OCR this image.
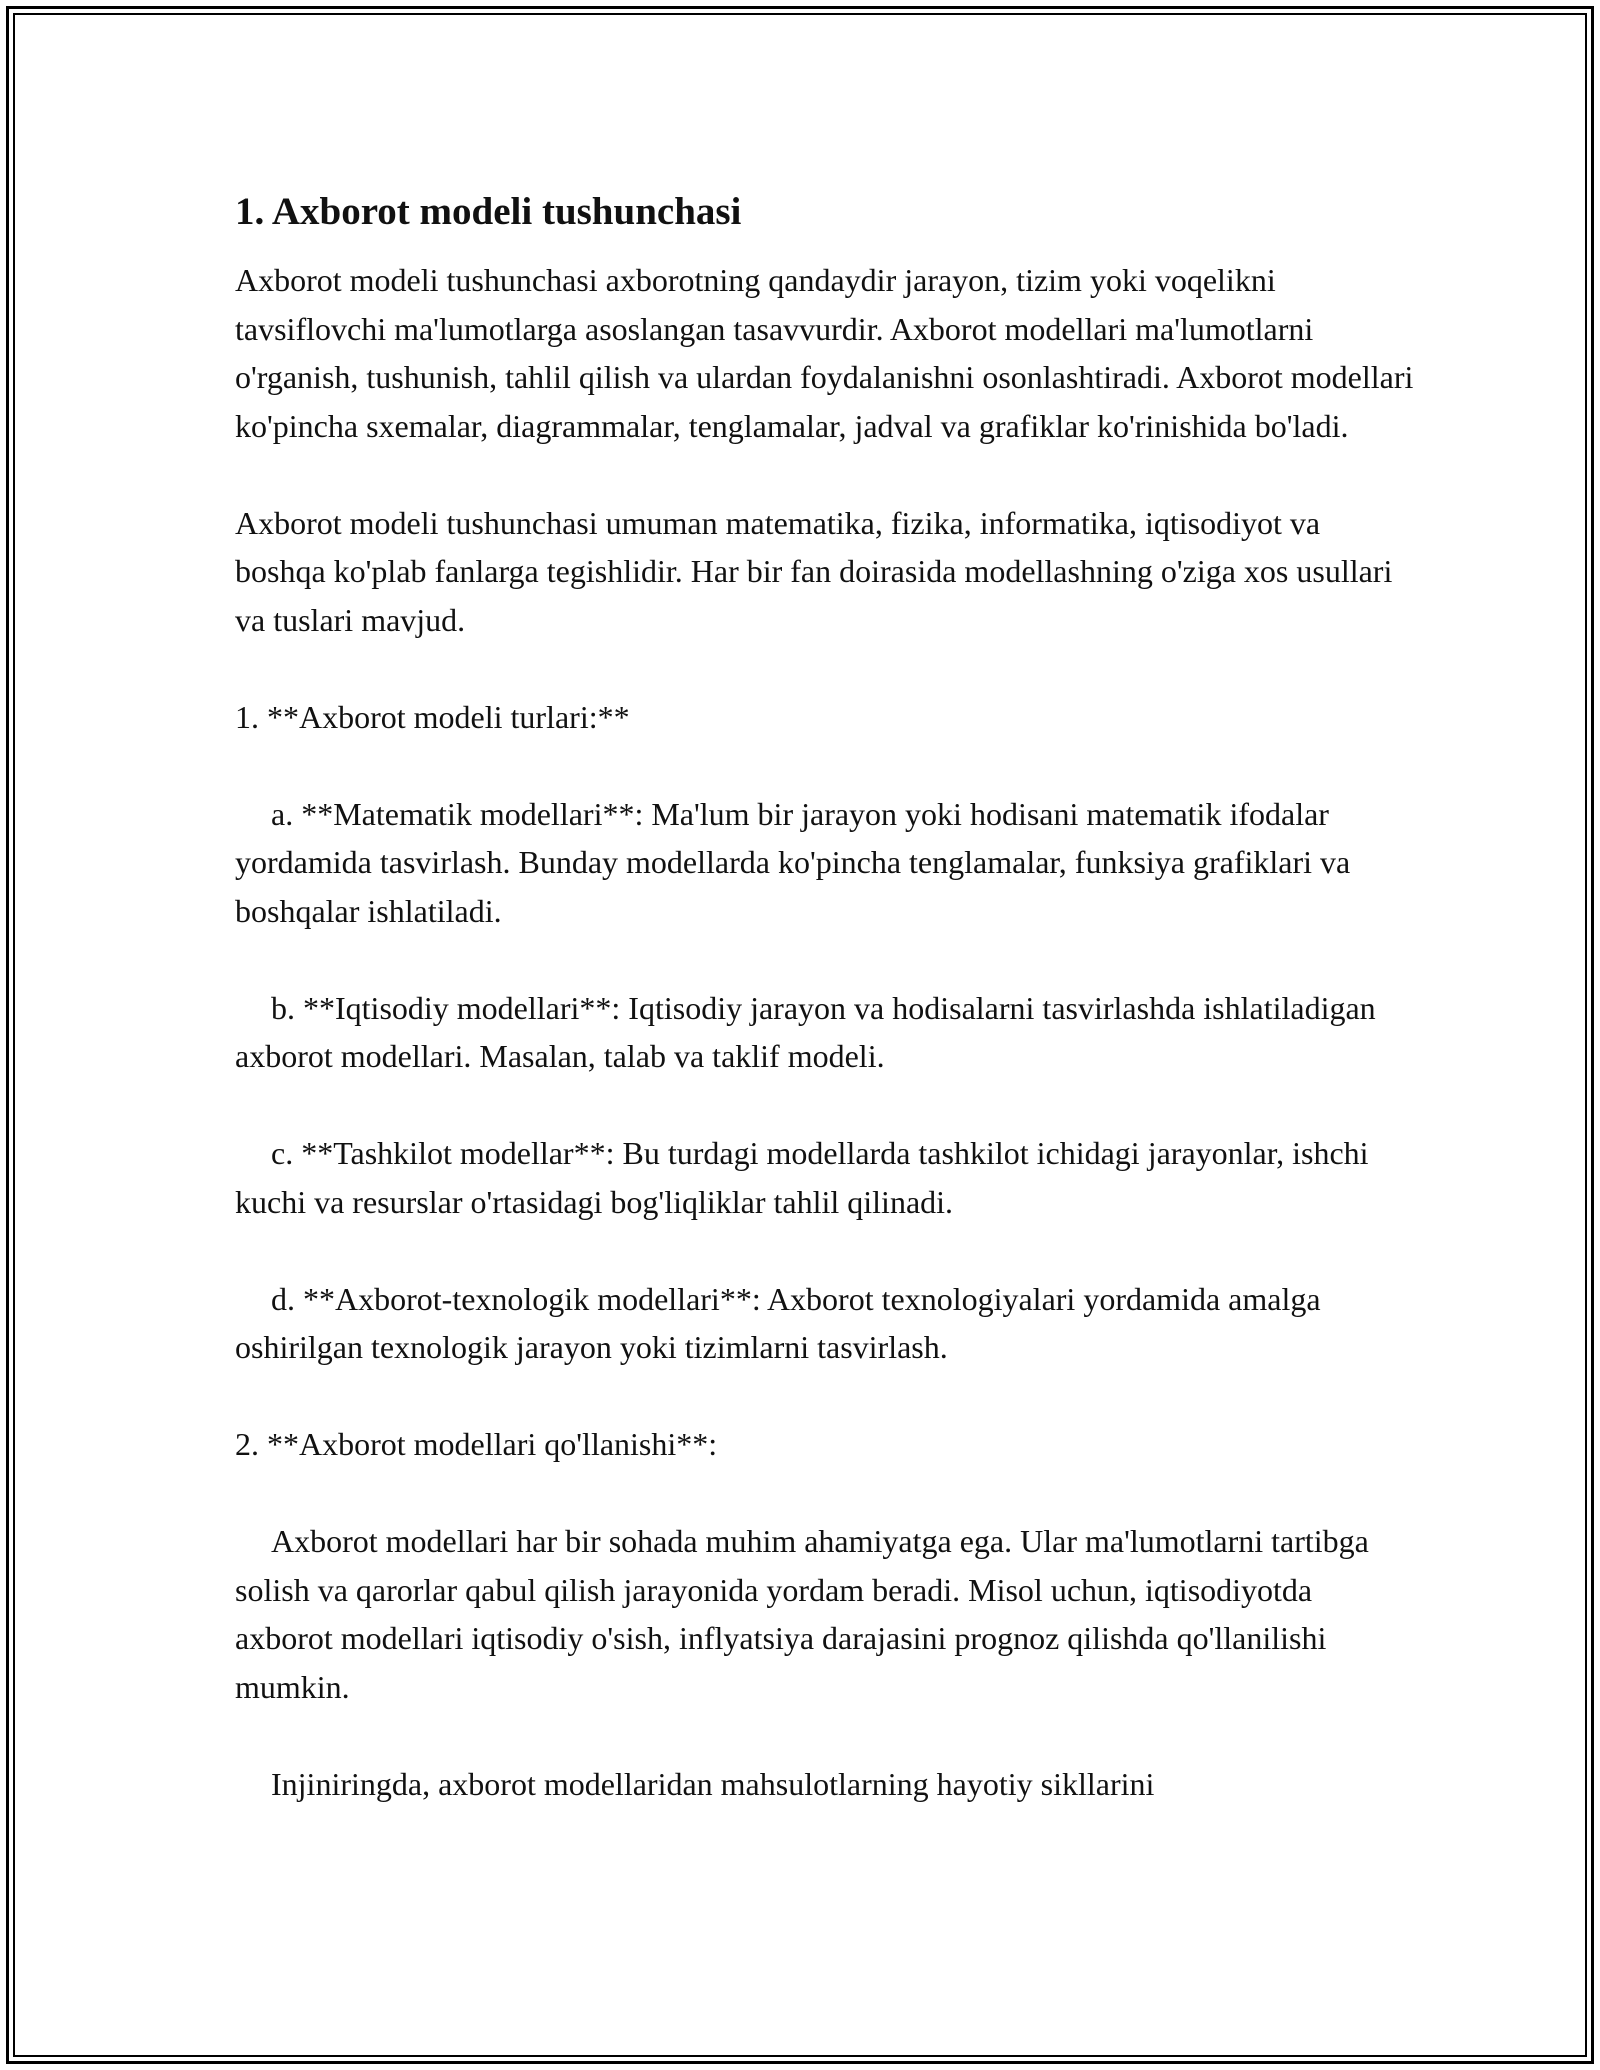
1. Axborot modeli tushunchasi

Axborot modeli tushunchasi axborotning qandaydir jarayon, tizim yoki voqelikni tavsiflovchi ma'lumotlarga asoslangan tasavvurdir. Axborot modellari ma'lumotlarni o'rganish, tushunish, tahlil qilish va ulardan foydalanishni osonlashtiradi. Axborot modellari ko'pincha sxemalar, diagrammalar, tenglamalar, jadval va grafiklar ko'rinishida bo'ladi.

Axborot modeli tushunchasi umuman matematika, fizika, informatika, iqtisodiyot va boshqa ko'plab fanlarga tegishlidir. Har bir fan doirasida modellashning o'ziga xos usullari va tuslari mavjud.

1. **Axborot modeli turlari:**

a. **Matematik modellari**: Ma'lum bir jarayon yoki hodisani matematik ifodalar yordamida tasvirlash. Bunday modellarda ko'pincha tenglamalar, funksiya grafiklari va boshqalar ishlatiladi.

b. **Iqtisodiy modellari**: Iqtisodiy jarayon va hodisalarni tasvirlashda ishlatiladigan axborot modellari. Masalan, talab va taklif modeli.

c. **Tashkilot modellar**: Bu turdagi modellarda tashkilot ichidagi jarayonlar, ishchi kuchi va resurslar o'rtasidagi bog'liqliklar tahlil qilinadi.

d. **Axborot-texnologik modellari**: Axborot texnologiyalari yordamida amalga oshirilgan texnologik jarayon yoki tizimlarni tasvirlash.

2. **Axborot modellari qo'llanishi**:

Axborot modellari har bir sohada muhim ahamiyatga ega. Ular ma'lumotlarni tartibga solish va qarorlar qabul qilish jarayonida yordam beradi. Misol uchun, iqtisodiyotda axborot modellari iqtisodiy o'sish, inflyatsiya darajasini prognoz qilishda qo'llanilishi mumkin.

Injiniringda, axborot modellaridan mahsulotlarning hayotiy sikllarini
